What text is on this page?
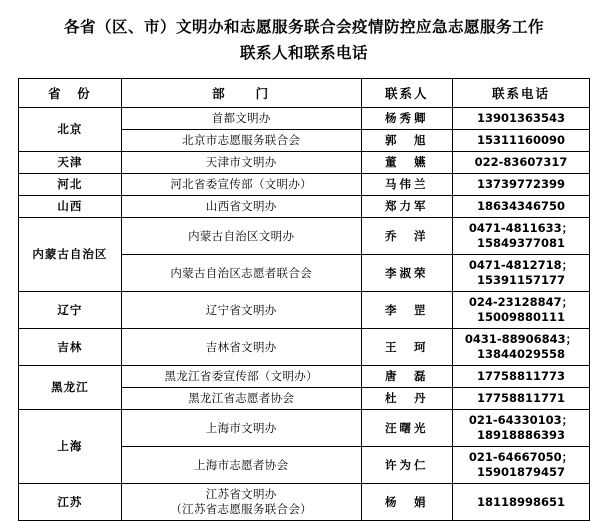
各省（区、市）文明办和志愿服务联合会疫情防控应急志愿服务工作
联系人和联系电话
省　份	部　　门	联系人	联系电话
北京	首都文明办	杨秀卿	13901363543

	北京市志愿服务联合会	郭　旭	15311160090

天津	天津市文明办	董　嬿	022-83607317

河北	河北省委宣传部（文明办）	马伟兰	13739772399

山西	山西省文明办	郑力军	18634346750

内蒙古自治区	内蒙古自治区文明办	乔　洋	0471-4811633；
15849377081

	内蒙古自治区志愿者联合会	李淑荣	0471-4812718；
15391157177

辽宁	辽宁省文明办	李　罡	024-23128847；
15009880111

吉林	吉林省文明办	王　珂	0431-88906843；
13844029558

黑龙江	黑龙江省委宣传部（文明办）	唐　磊	17758811773

	黑龙江省志愿者协会	杜　丹	17758811771

上海	上海市文明办	汪曙光	021-64330103；
18918886393

	上海市志愿者协会	许为仁	021-64667050；
15901879457

江苏	江苏省文明办
（江苏省志愿服务联合会）	杨　娟	18118998651
